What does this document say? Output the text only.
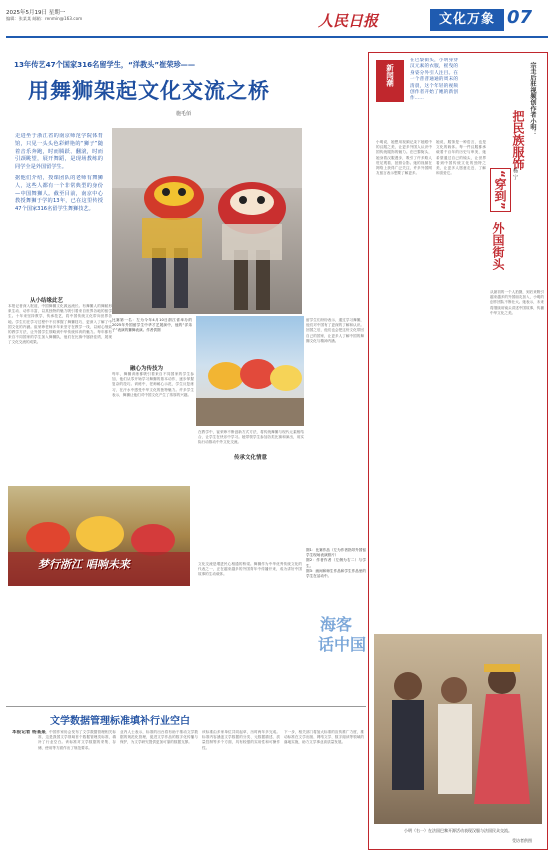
2025年5月19日 星期一
编辑：张某某 邮箱：renmin@163.com	人民日报	文化万象 07
13年传艺47个国家316名留学生，“洋教头”崔荣珍——
用舞狮架起文化交流之桥
施毛佰
走进坐于浙江省的南京师范学院体育馆，只见一头头色彩鲜艳的“狮子”随着音乐奔跑，时而腾跃、翻滚，时而引颈眺望，展开舞蹈，是现场教练的同学全是外国留学生。
据他们介绍，授课团队的老师有舞狮人，这些人都有一个非常典型的身份—中国舞狮人。截至目前，南京中心教授舞狮于学的13年，已在这里传授47个国家316名留学生舞狮技艺。
从小结缘此艺
本报记者深入报道，中国舞狮文化源远流长。有舞狮人的舞蹈形象生动、动作丰富，以其独特的魅力吸引着来自世界各地的留学生。十年来坚持教学，传承技艺，将中国传统文化带向世界各地。学生们在学习过程中不仅掌握了舞狮技巧，更深入了解了中国文化的内涵。崔荣珍老师多年来坚守在教学一线，以耐心细致的教学方法，让外国学生领略到中华传统体育的魅力。每年都有来自不同国家的学生加入舞狮队，他们在比赛中屡获佳绩，展现了文化交流的成果。
比赛第一名：左为今年4月10日浙江省举办的2025年外国留学生中华才艺展演中，他的“洋弟子”表演的狮舞表演。作者供图
融心为传技为
每年，舞狮训练都吸引着来自不同国家的学生参加，他们从零开始学习舞狮的基本动作，逐步掌握复杂的技巧。训练中，老师耐心示范，学生反复练习，在汗水中感受中华文化的独特魅力。许多学生表示，舞狮让他们对中国文化产生了浓厚的兴趣。
在教学中，崔荣珍不断创新方式方法，将传统舞狮与现代元素相结合，让学生在快乐中学习。她带领学生参加各类比赛和演出，用实际行动推动中外文化交流。
传承文化情意
留学生们纷纷表示，通过学习舞狮，他们对中国有了更深的了解和认识。回国之后，他们也会把这份文化带回自己的国家，让更多人了解中国的舞狮文化与精神内涵。
梦行浙江 唱响未来
图1：比赛作品（左为作者指导外国留学生现场表演照片）
图2：作者作者（左侧为右二）与学生。
图3：画间和师生作品和学生作品里的学生在活动中。
海客
话中国
文化交流是增进民心相通的桥梁。舞狮作为中华优秀传统文化的代表之一，正在越来越多的外国青年中传播开来，成为讲好中国故事的生动载体。
新闻潮
在巴黎街头，小明身穿汉元素的衣服，摇曳的身姿分外引人注目。在一个普普通通的周末的清晨，这个年轻的视频创作者开始了她的新创作……	宗圭后驻视频创作者小明：
把民族服饰
杨 宁
“穿到”
外国街头
小明说，她想用视频记录下她眼中的汉服之美，让更多外国人认识中国传统服饰的魅力。在巴黎街头，她身着汉服漫步，吸引了许多路人驻足观看、拍照合影。她的视频在网络上获得广泛关注，许多外国网友留言表示想要了解更多。
她说，服饰是一种语言，也是文化的载体。每一件汉服都承载着千百年的历史与审美，她希望通过自己的镜头，让世界看到中国传统文化的独特之美，让更多人愿意走近、了解和喜爱它。
从最初的一个人拍摄，到后来吸引越来越多的外国朋友加入，小明的创作团队不断壮大。她表示，未来将继续用镜头讲述中国故事，传播中华文化之美。
小明（右一）在法国巴黎开源活动表现汉服与法国民众交流。
受访者供图
文学数据管理标准填补行业空白
本报记者 杨某某
近日，中国作家协会发布了文学数据管理相关标准，这是我国文学领域首个数据管理类标准，填补了行业空白。该标准对文学数据的采集、存储、使用等方面作出了规范要求。
业内人士表示，标准的出台将有助于推动文学数据的规范化管理，促进文学作品的数字化传播与保护，为文学研究提供更加可靠的数据支撑。
该标准由多家单位共同起草，历时两年多完成。标准内容涵盖文学数据的分类、元数据描述、质量控制等多个方面，具有较强的实用性和可操作性。
下一步，相关部门将加大标准的宣传推广力度，推动标准在文学出版、网络文学、数字阅读等领域的落地实施，助力文学事业高质量发展。
